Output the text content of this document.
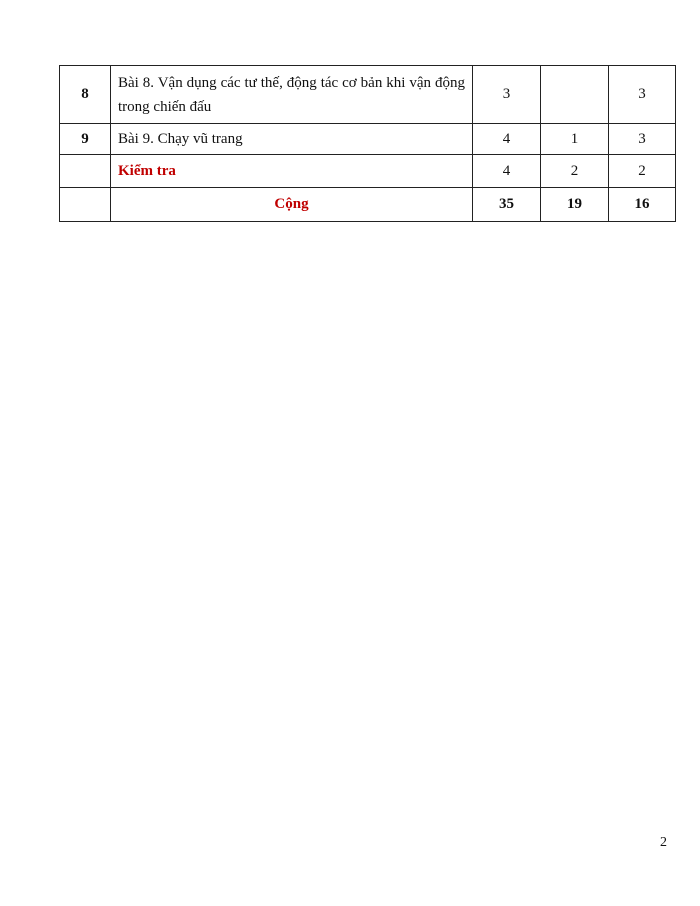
8	Bài 8. Vận dụng các tư thế, động tác cơ bản khi vận động trong chiến đấu	3		3
9	Bài 9. Chạy vũ trang	4	1	3
	Kiểm tra	4	2	2
	Cộng	35	19	16
2
